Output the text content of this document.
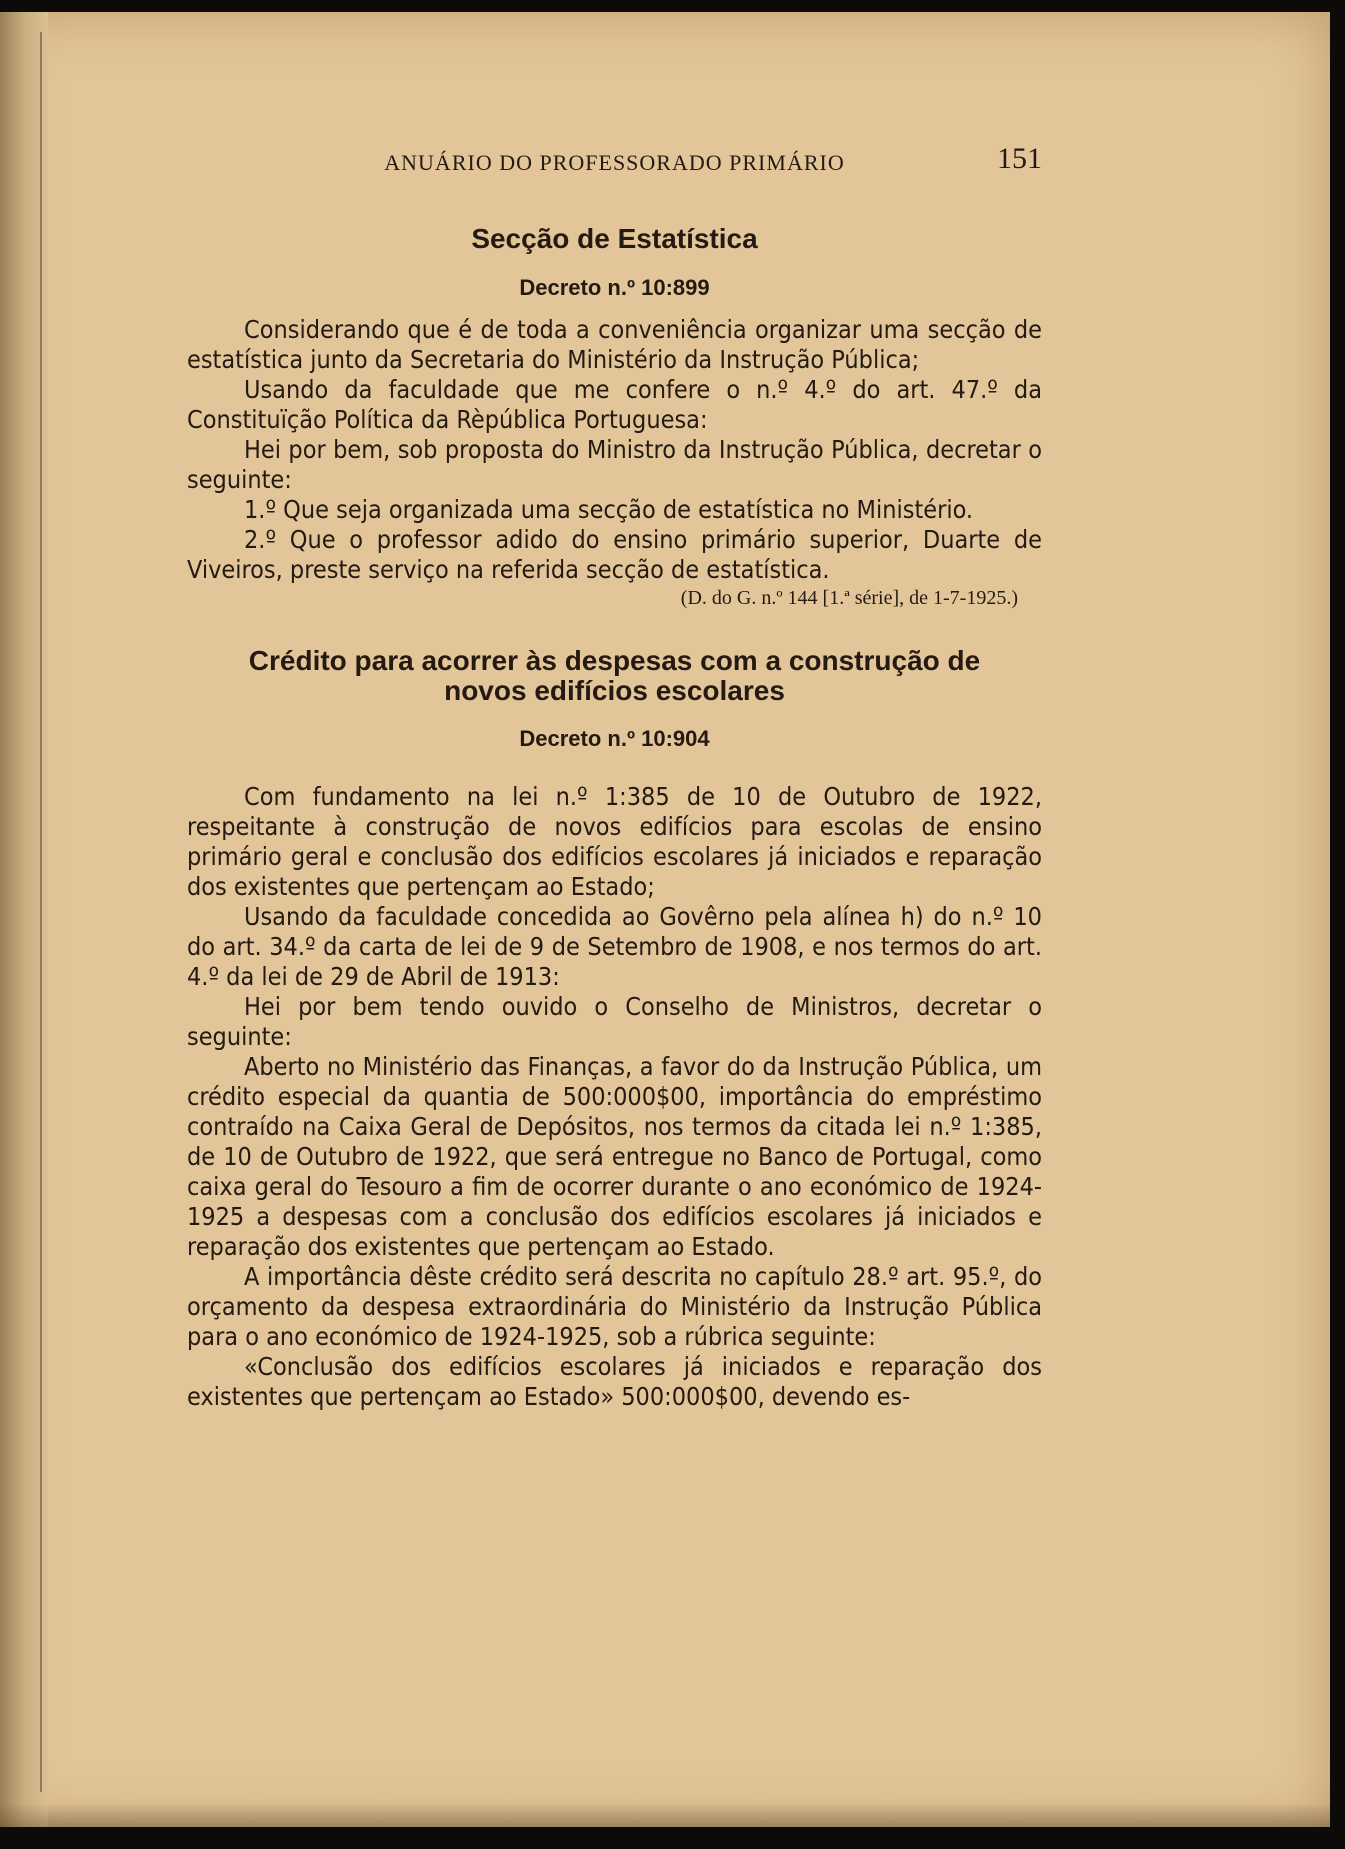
ANUÁRIO DO PROFESSORADO PRIMÁRIO	151
Secção de Estatística
Decreto n.º 10:899

Considerando que é de toda a conveniência organizar uma secção de estatística junto da Secretaria do Ministério da Instrução Pública;

Usando da faculdade que me confere o n.º 4.º do art. 47.º da Constituïção Política da Rèpública Portuguesa:

Hei por bem, sob proposta do Ministro da Instrução Pública, decretar o seguinte:

1.º Que seja organizada uma secção de estatística no Ministério.

2.º Que o professor adido do ensino primário superior, Duarte de Viveiros, preste serviço na referida secção de estatística.

(D. do G. n.º 144 [1.ª série], de 1-7-1925.)
Crédito para acorrer às despesas com a construção de
novos edifícios escolares
Decreto n.º 10:904

Com fundamento na lei n.º 1:385 de 10 de Outubro de 1922, respeitante à construção de novos edifícios para escolas de ensino primário geral e conclusão dos edifícios escolares já iniciados e reparação dos existentes que pertençam ao Estado;

Usando da faculdade concedida ao Govêrno pela alínea h) do n.º 10 do art. 34.º da carta de lei de 9 de Setembro de 1908, e nos termos do art. 4.º da lei de 29 de Abril de 1913:

Hei por bem tendo ouvido o Conselho de Ministros, decretar o seguinte:

Aberto no Ministério das Finanças, a favor do da Instrução Pública, um crédito especial da quantia de 500:000$00, importância do empréstimo contraído na Caixa Geral de Depósitos, nos termos da citada lei n.º 1:385, de 10 de Outubro de 1922, que será entregue no Banco de Portugal, como caixa geral do Tesouro a fim de ocorrer durante o ano económico de 1924-1925 a despesas com a conclusão dos edifícios escolares já iniciados e reparação dos existentes que pertençam ao Estado.

A importância dêste crédito será descrita no capítulo 28.º art. 95.º, do orçamento da despesa extraordinária do Ministério da Instrução Pública para o ano económico de 1924-1925, sob a rúbrica seguinte:

«Conclusão dos edifícios escolares já iniciados e reparação dos existentes que pertençam ao Estado» 500:000$00, devendo es-
